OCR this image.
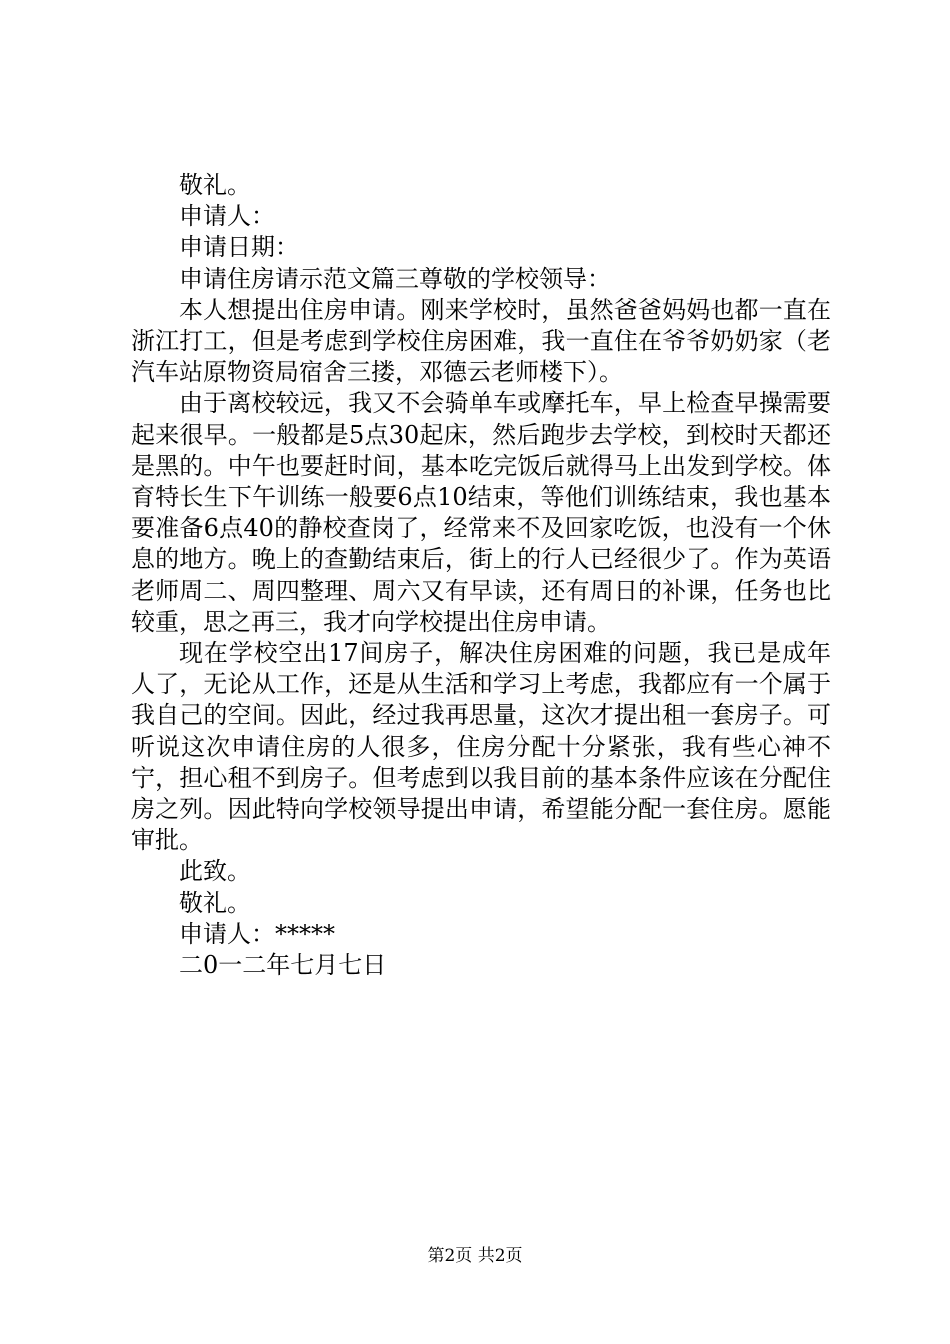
敬礼。

申请人：

申请日期：

申请住房请示范文篇三尊敬的学校领导：

本人想提出住房申请。刚来学校时，虽然爸爸妈妈也都一直在浙江打工，但是考虑到学校住房困难，我一直住在爷爷奶奶家（老汽车站原物资局宿舍三搂，邓德云老师楼下）。

由于离校较远，我又不会骑单车或摩托车，早上检查早操需要起来很早。一般都是5点30起床，然后跑步去学校，到校时天都还是黑的。中午也要赶时间，基本吃完饭后就得马上出发到学校。体育特长生下午训练一般要6点10结束，等他们训练结束，我也基本要准备6点40的静校查岗了，经常来不及回家吃饭，也没有一个休息的地方。晚上的查勤结束后，街上的行人已经很少了。作为英语老师周二、周四整理、周六又有早读，还有周日的补课，任务也比较重，思之再三，我才向学校提出住房申请。

现在学校空出17间房子，解决住房困难的问题，我已是成年人了，无论从工作，还是从生活和学习上考虑，我都应有一个属于我自己的空间。因此，经过我再思量，这次才提出租一套房子。可听说这次申请住房的人很多，住房分配十分紧张，我有些心神不宁，担心租不到房子。但考虑到以我目前的基本条件应该在分配住房之列。因此特向学校领导提出申请，希望能分配一套住房。愿能审批。

此致。

敬礼。

申请人：*****

二0一二年七月七日

第2页 共2页
